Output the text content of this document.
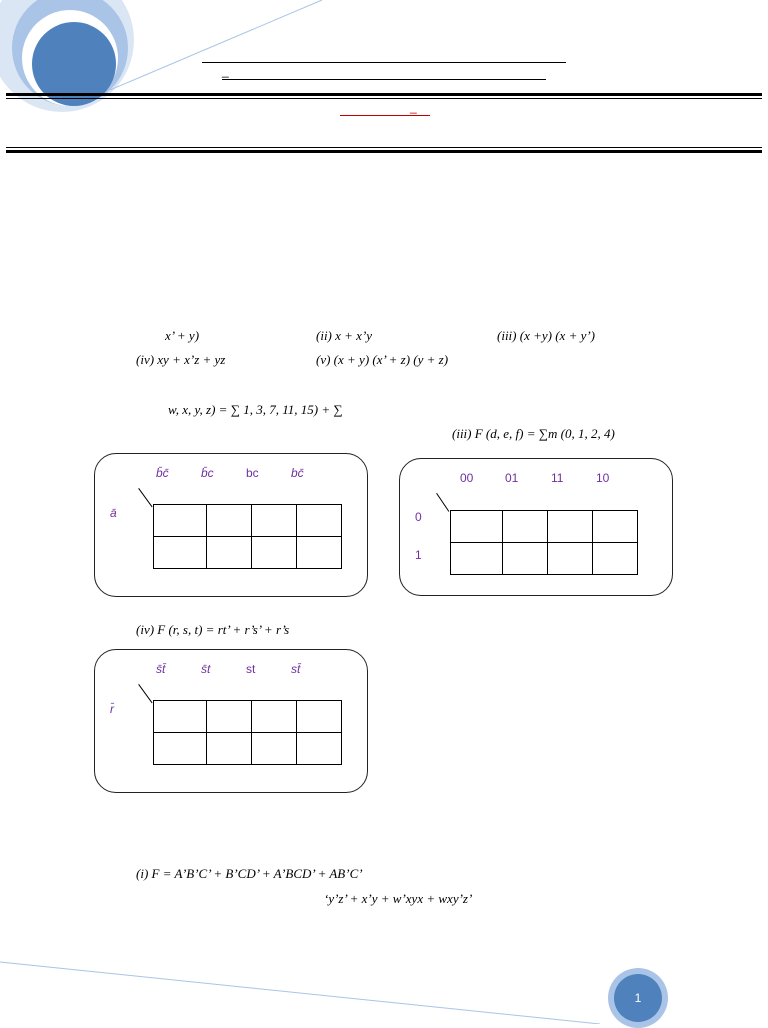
_
_
x’ + y)	(ii) x + x’y	(iii) (x +y) (x + y’)
(iv) xy + x’z + yz	(v) (x + y) (x’ + z) (y + z)
w, x, y, z) = ∑ 1, 3, 7, 11, 15) + ∑
(iii) F (d, e, f) = ∑m (0, 1, 2, 4)
b̄c̄	b̄c	bc	bc̄
ā

00	01	11	10
0
1

(iv) F (r, s, t) = rt’ + r’s’ + r’s
s̄t̄	s̄t	st	st̄
r̄

(i) F = A’B’C’ + B’CD’ + A’BCD’ + AB’C’
‘y’z’ + x’y + w’xyx + wxy’z’
1
